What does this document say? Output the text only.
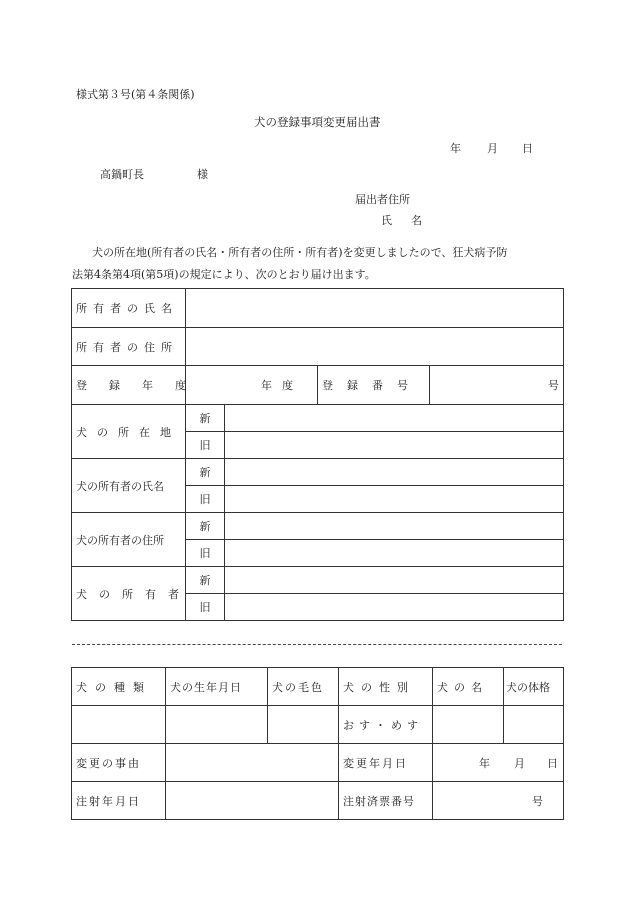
様式第３号(第４条関係)
犬の登録事項変更届出書
年 月 日
高鍋町長	様
届出者住所
氏　名
犬の所在地(所有者の氏名・所有者の住所・所有者)を変更しましたので、狂犬病予防
法第4条第4項(第5項)の規定により、次のとおり届け出ます。
所有者の氏名				
所有者の住所				
登録年度	年度		登録番号	号
犬の所在地	新			
	旧			
犬の所有者の氏名	新			
	旧			
犬の所有者の住所	新			
	旧			
犬の所有者	新			
	旧			
犬の種類	犬の生年月日	犬の毛色	犬の性別	犬の名	犬の体格
			おす・めす		
変更の事由			変更年月日	年 月 日	
注射年月日			注射済票番号	号	
